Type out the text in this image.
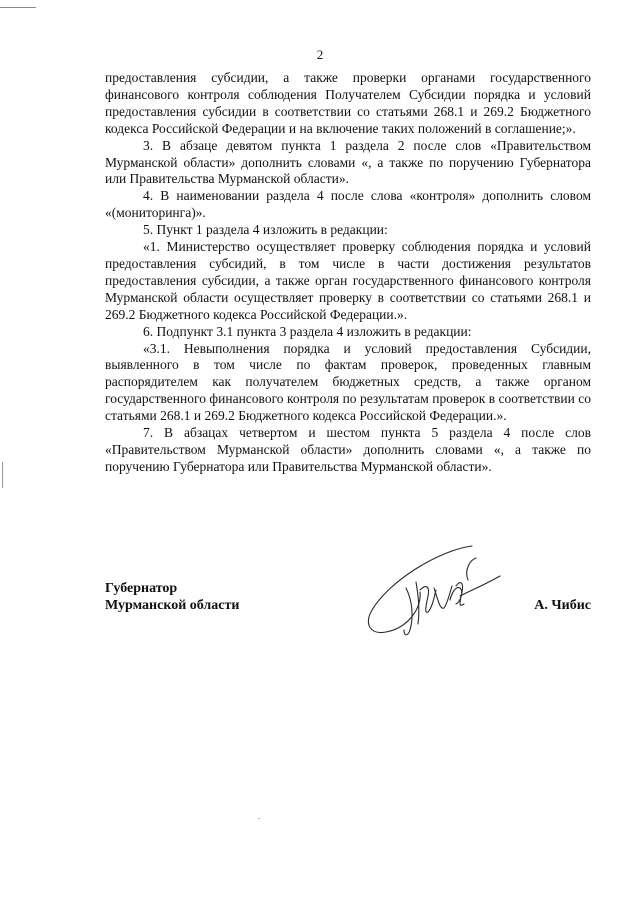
2

предоставления субсидии, а также проверки органами государственного финансового контроля соблюдения Получателем Субсидии порядка и условий предоставления субсидии в соответствии со статьями 268.1 и 269.2 Бюджетного кодекса Российской Федерации и на включение таких положений в соглашение;».

3. В абзаце девятом пункта 1 раздела 2 после слов «Правительством Мурманской области» дополнить словами «, а также по поручению Губернатора или Правительства Мурманской области».

4. В наименовании раздела 4 после слова «контроля» дополнить словом «(мониторинга)».

5. Пункт 1 раздела 4 изложить в редакции:

«1. Министерство осуществляет проверку соблюдения порядка и условий предоставления субсидий, в том числе в части достижения результатов предоставления субсидии, а также орган государственного финансового контроля Мурманской области осуществляет проверку в соответствии со статьями 268.1 и 269.2 Бюджетного кодекса Российской Федерации.».

6. Подпункт 3.1 пункта 3 раздела 4 изложить в редакции:

«3.1. Невыполнения порядка и условий предоставления Субсидии, выявленного в том числе по фактам проверок, проведенных главным распорядителем как получателем бюджетных средств, а также органом государственного финансового контроля по результатам проверок в соответствии со статьями 268.1 и 269.2 Бюджетного кодекса Российской Федерации.».

7. В абзацах четвертом и шестом пункта 5 раздела 4 после слов «Правительством Мурманской области» дополнить словами «, а также по поручению Губернатора или Правительства Мурманской области».

Губернатор
Мурманской области	А. Чибис
